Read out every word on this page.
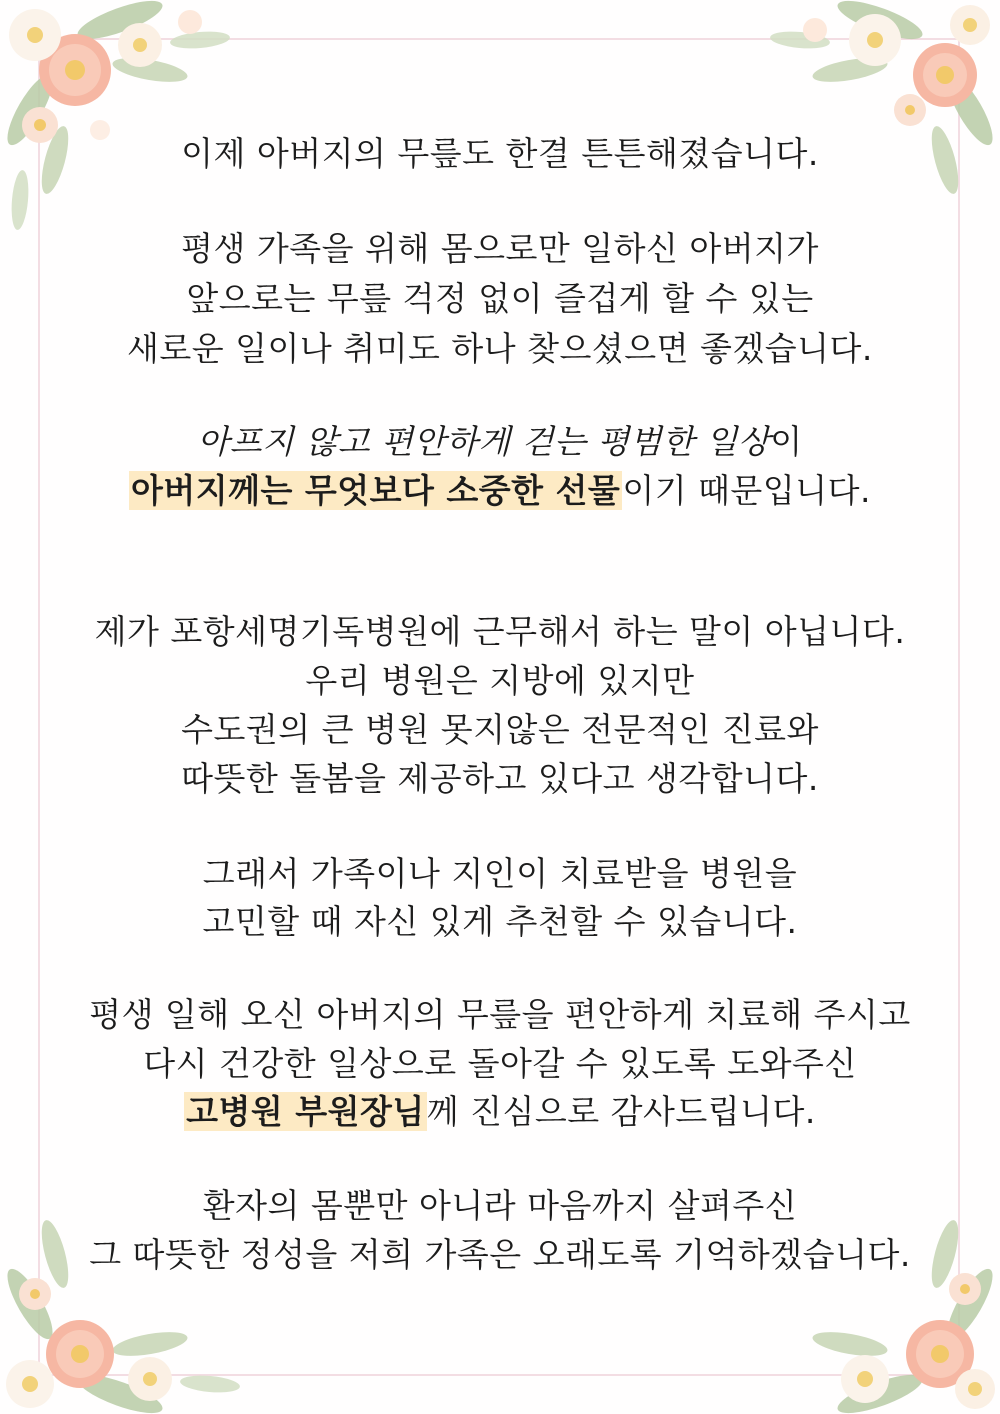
이제 아버지의 무릎도 한결 튼튼해졌습니다.
평생 가족을 위해 몸으로만 일하신 아버지가
앞으로는 무릎 걱정 없이 즐겁게 할 수 있는
새로운 일이나 취미도 하나 찾으셨으면 좋겠습니다.
아프지 않고 편안하게 걷는 평범한 일상이
아버지께는 무엇보다 소중한 선물이기 때문입니다.
제가 포항세명기독병원에 근무해서 하는 말이 아닙니다.
우리 병원은 지방에 있지만
수도권의 큰 병원 못지않은 전문적인 진료와
따뜻한 돌봄을 제공하고 있다고 생각합니다.
그래서 가족이나 지인이 치료받을 병원을
고민할 때 자신 있게 추천할 수 있습니다.
평생 일해 오신 아버지의 무릎을 편안하게 치료해 주시고
다시 건강한 일상으로 돌아갈 수 있도록 도와주신
고병원 부원장님께 진심으로 감사드립니다.
환자의 몸뿐만 아니라 마음까지 살펴주신
그 따뜻한 정성을 저희 가족은 오래도록 기억하겠습니다.
